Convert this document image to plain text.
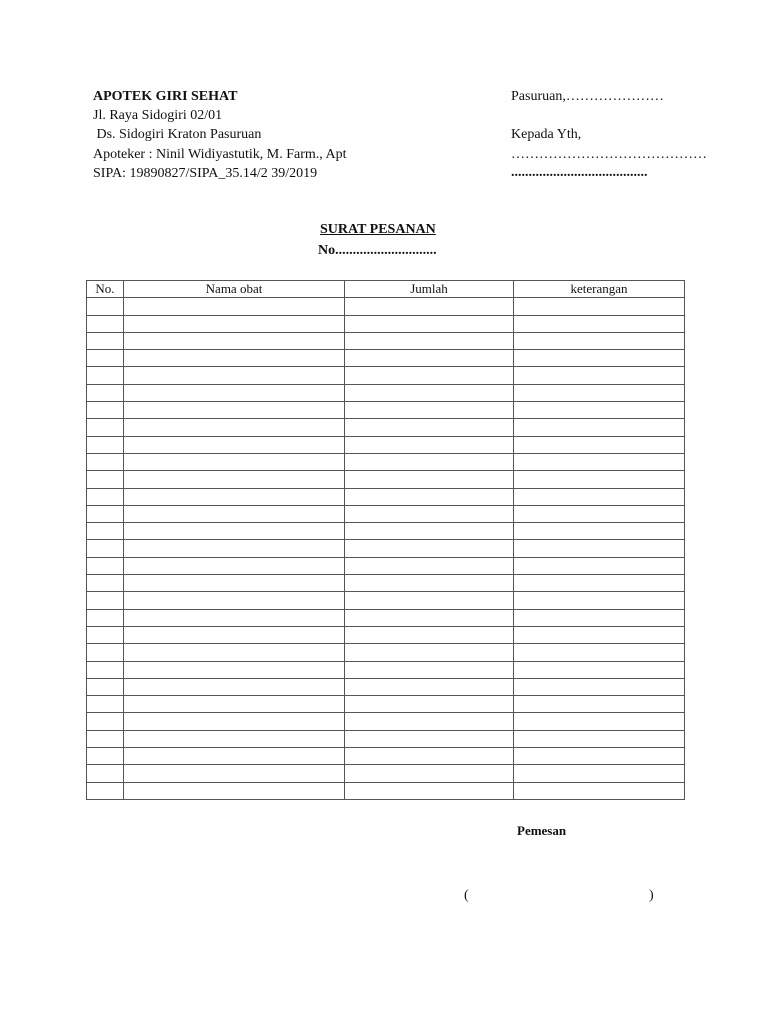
APOTEK GIRI SEHAT
Jl. Raya Sidogiri 02/01
Ds. Sidogiri Kraton Pasuruan
Apoteker : Ninil Widiyastutik, M. Farm., Apt
SIPA: 19890827/SIPA_35.14/2 39/2019
Pasuruan,…………………
Kepada Yth,
……………………………………
.......................................
SURAT PESANAN
No.............................
No.	Nama obat	Jumlah	keterangan

Pemesan
(	)
